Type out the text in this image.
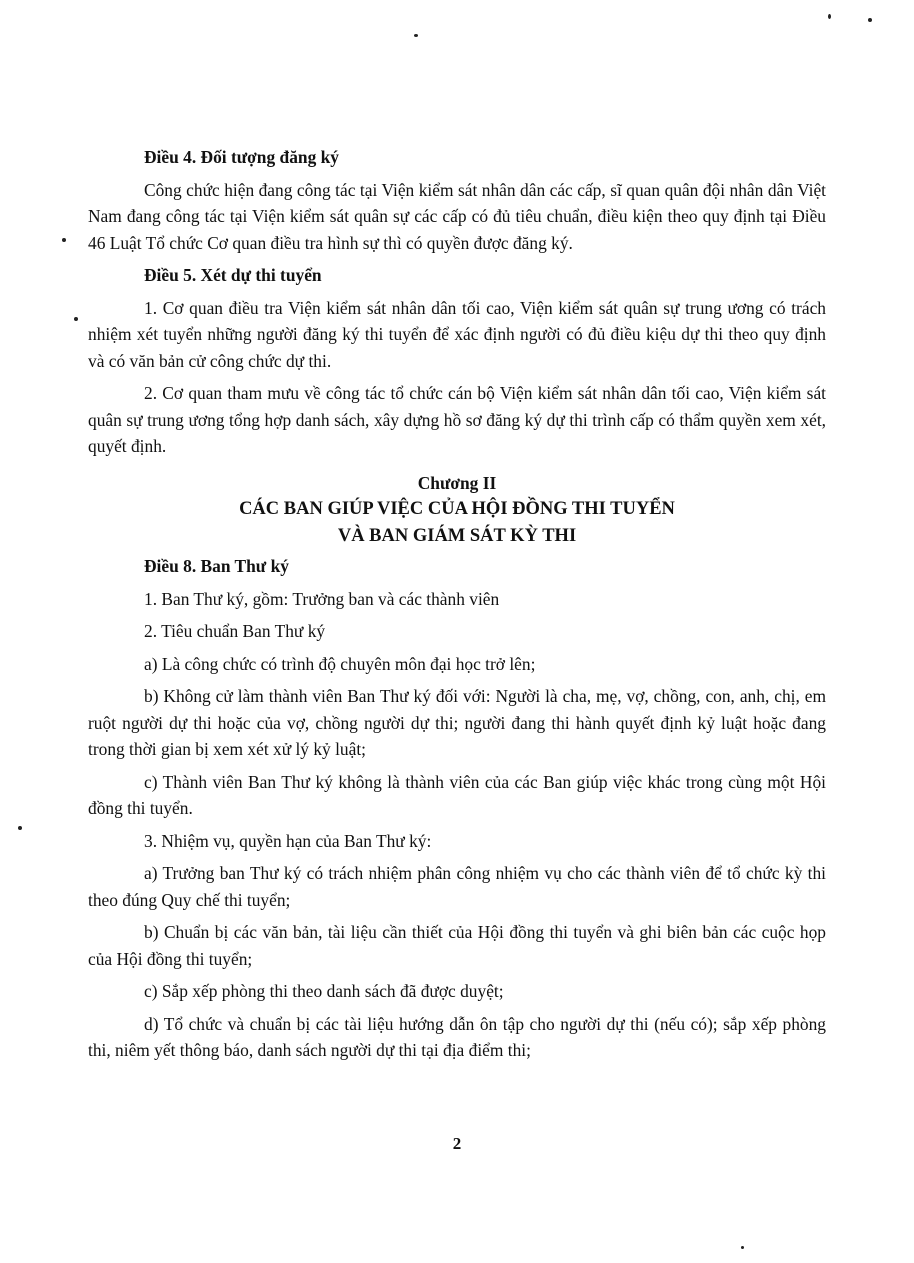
Điều 4. Đối tượng đăng ký
Công chức hiện đang công tác tại Viện kiểm sát nhân dân các cấp, sĩ quan quân đội nhân dân Việt Nam đang công tác tại Viện kiểm sát quân sự các cấp có đủ tiêu chuẩn, điều kiện theo quy định tại Điều 46 Luật Tổ chức Cơ quan điều tra hình sự thì có quyền được đăng ký.
Điều 5. Xét dự thi tuyển
1. Cơ quan điều tra Viện kiểm sát nhân dân tối cao, Viện kiểm sát quân sự trung ương có trách nhiệm xét tuyển những người đăng ký thi tuyển để xác định người có đủ điều kiệu dự thi theo quy định và có văn bản cử công chức dự thi.
2. Cơ quan tham mưu về công tác tổ chức cán bộ Viện kiểm sát nhân dân tối cao, Viện kiểm sát quân sự trung ương tổng hợp danh sách, xây dựng hồ sơ đăng ký dự thi trình cấp có thẩm quyền xem xét, quyết định.
Chương II
CÁC BAN GIÚP VIỆC CỦA HỘI ĐỒNG THI TUYỂN
VÀ BAN GIÁM SÁT KỲ THI
Điều 8. Ban Thư ký
1. Ban Thư ký, gồm: Trưởng ban và các thành viên
2. Tiêu chuẩn Ban Thư ký
a) Là công chức có trình độ chuyên môn đại học trở lên;
b) Không cử làm thành viên Ban Thư ký đối với: Người là cha, mẹ, vợ, chồng, con, anh, chị, em ruột người dự thi hoặc của vợ, chồng người dự thi; người đang thi hành quyết định kỷ luật hoặc đang trong thời gian bị xem xét xử lý kỷ luật;
c) Thành viên Ban Thư ký không là thành viên của các Ban giúp việc khác trong cùng một Hội đồng thi tuyển.
3. Nhiệm vụ, quyền hạn của Ban Thư ký:
a) Trưởng ban Thư ký có trách nhiệm phân công nhiệm vụ cho các thành viên để tổ chức kỳ thi theo đúng Quy chế thi tuyển;
b) Chuẩn bị các văn bản, tài liệu cần thiết của Hội đồng thi tuyển và ghi biên bản các cuộc họp của Hội đồng thi tuyển;
c) Sắp xếp phòng thi theo danh sách đã được duyệt;
d) Tổ chức và chuẩn bị các tài liệu hướng dẫn ôn tập cho người dự thi (nếu có); sắp xếp phòng thi, niêm yết thông báo, danh sách người dự thi tại địa điểm thi;
2
